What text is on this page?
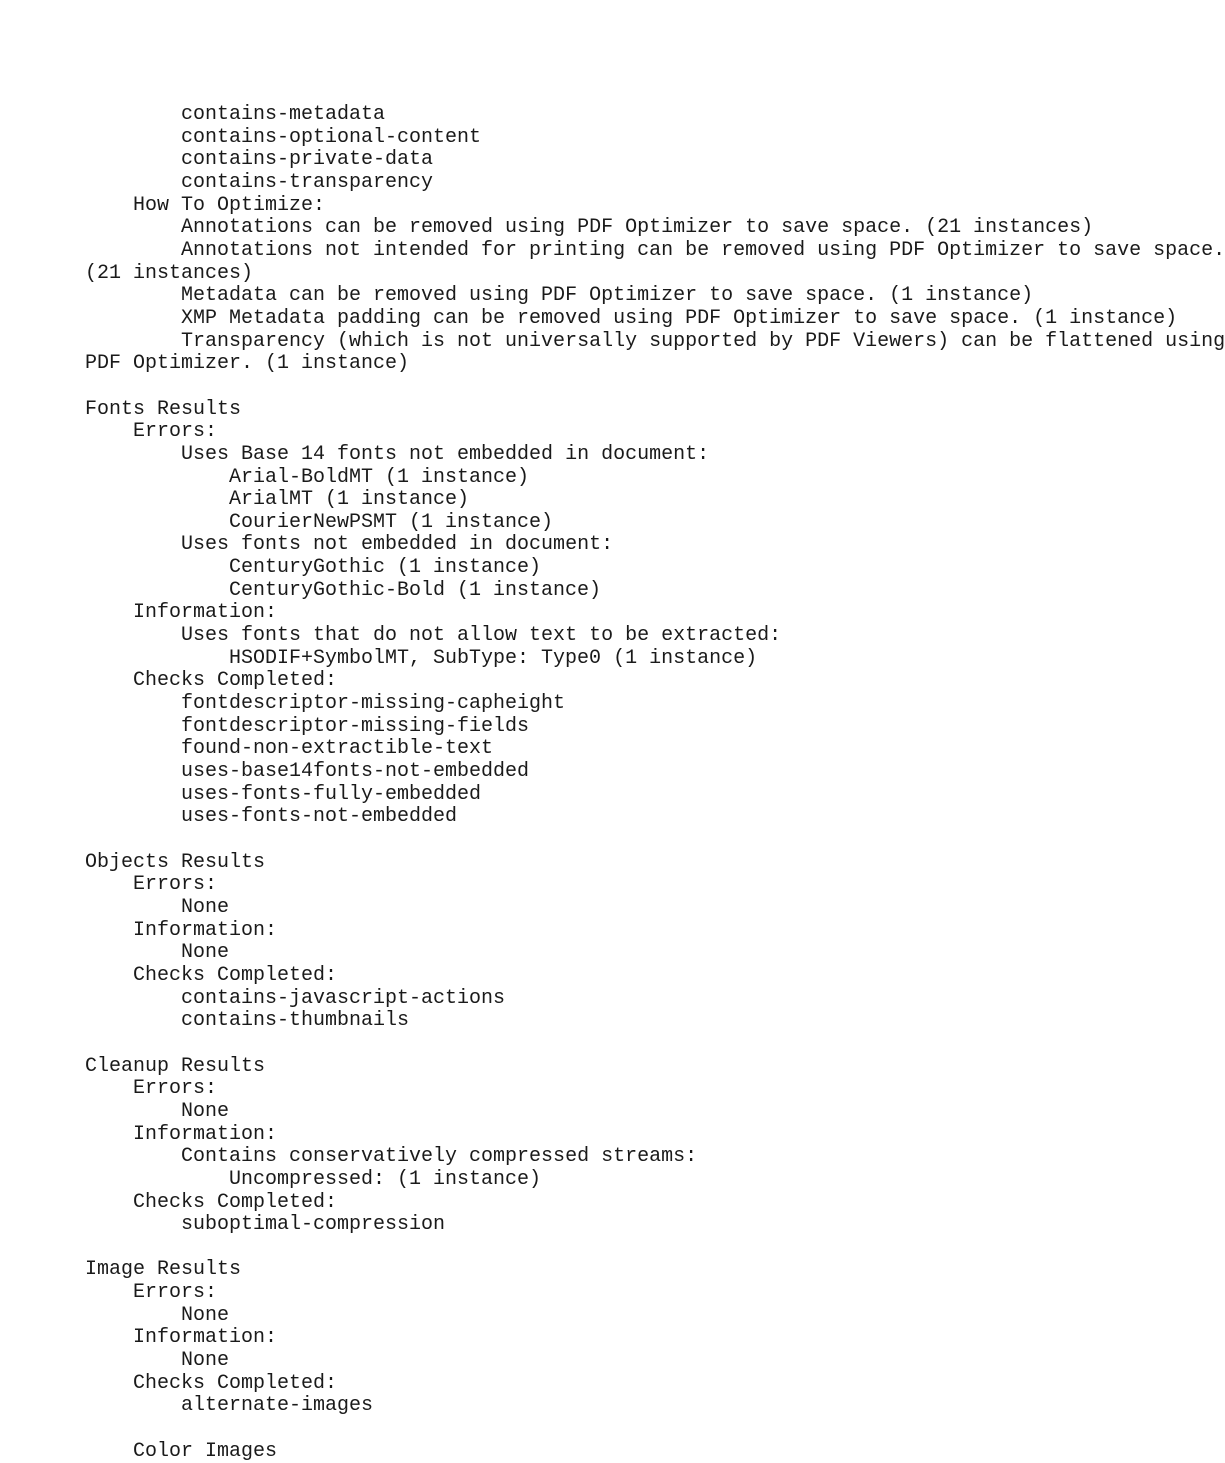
contains-metadata
contains-optional-content
contains-private-data
contains-transparency
How To Optimize:
Annotations can be removed using PDF Optimizer to save space. (21 instances)
Annotations not intended for printing can be removed using PDF Optimizer to save space.
(21 instances)
Metadata can be removed using PDF Optimizer to save space. (1 instance)
XMP Metadata padding can be removed using PDF Optimizer to save space. (1 instance)
Transparency (which is not universally supported by PDF Viewers) can be flattened using
PDF Optimizer. (1 instance)
Fonts Results
Errors:
Uses Base 14 fonts not embedded in document:
Arial-BoldMT (1 instance)
ArialMT (1 instance)
CourierNewPSMT (1 instance)
Uses fonts not embedded in document:
CenturyGothic (1 instance)
CenturyGothic-Bold (1 instance)
Information:
Uses fonts that do not allow text to be extracted:
HSODIF+SymbolMT, SubType: Type0 (1 instance)
Checks Completed:
fontdescriptor-missing-capheight
fontdescriptor-missing-fields
found-non-extractible-text
uses-base14fonts-not-embedded
uses-fonts-fully-embedded
uses-fonts-not-embedded
Objects Results
Errors:
None
Information:
None
Checks Completed:
contains-javascript-actions
contains-thumbnails
Cleanup Results
Errors:
None
Information:
Contains conservatively compressed streams:
Uncompressed: (1 instance)
Checks Completed:
suboptimal-compression
Image Results
Errors:
None
Information:
None
Checks Completed:
alternate-images
Color Images
